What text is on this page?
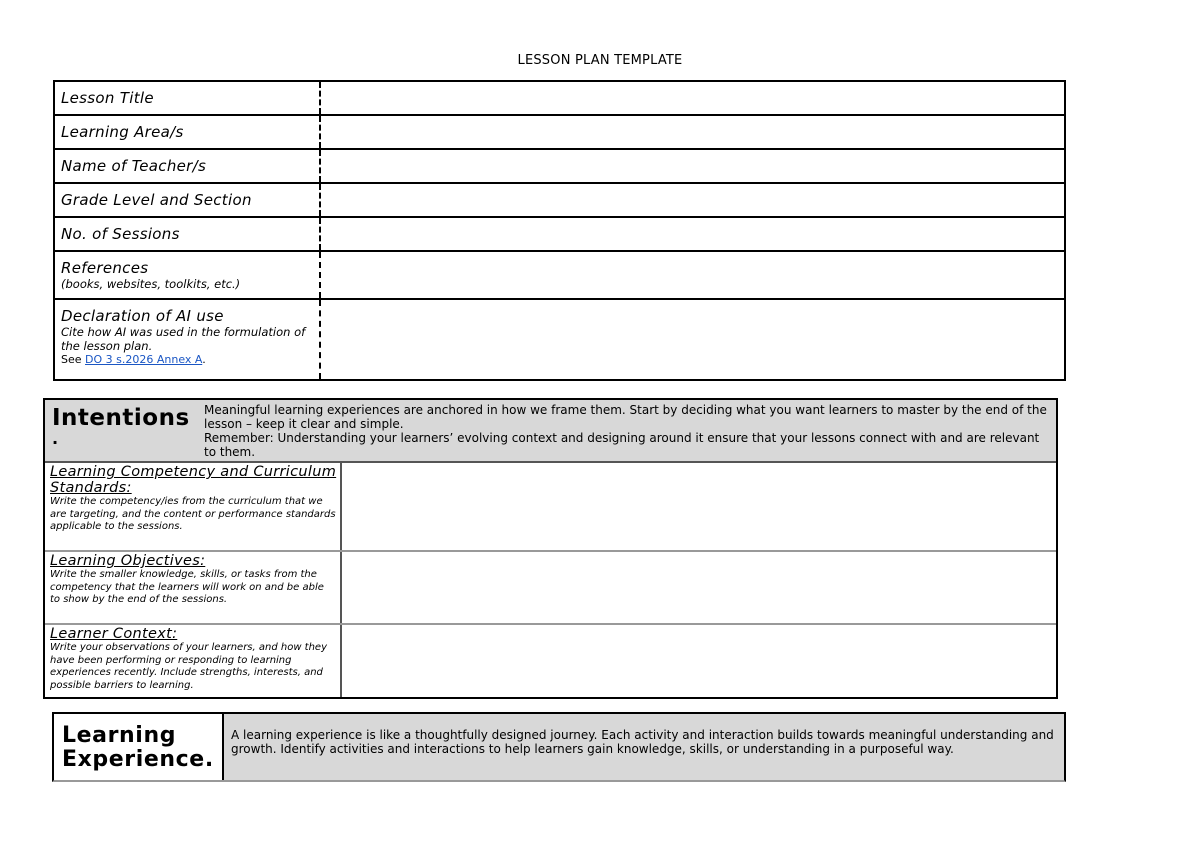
LESSON PLAN TEMPLATE
Lesson Title
Learning Area/s
Name of Teacher/s
Grade Level and Section
No. of Sessions
References
(books, websites, toolkits, etc.)
Declaration of AI use
Cite how AI was used in the formulation of the lesson plan.
See DO 3 s.2026 Annex A.
Intentions
.
Meaningful learning experiences are anchored in how we frame them. Start by deciding what you want learners to master by the end of the lesson – keep it clear and simple.
Remember: Understanding your learners’ evolving context and designing around it ensure that your lessons connect with and are relevant to them.
Learning Competency and Curriculum Standards:
Write the competency/ies from the curriculum that we are targeting, and the content or performance standards applicable to the sessions.
Learning Objectives:
Write the smaller knowledge, skills, or tasks from the competency that the learners will work on and be able to show by the end of the sessions.
Learner Context:
Write your observations of your learners, and how they have been performing or responding to learning experiences recently. Include strengths, interests, and possible barriers to learning.
Learning Experience.
A learning experience is like a thoughtfully designed journey. Each activity and interaction builds towards meaningful understanding and growth. Identify activities and interactions to help learners gain knowledge, skills, or understanding in a purposeful way.
